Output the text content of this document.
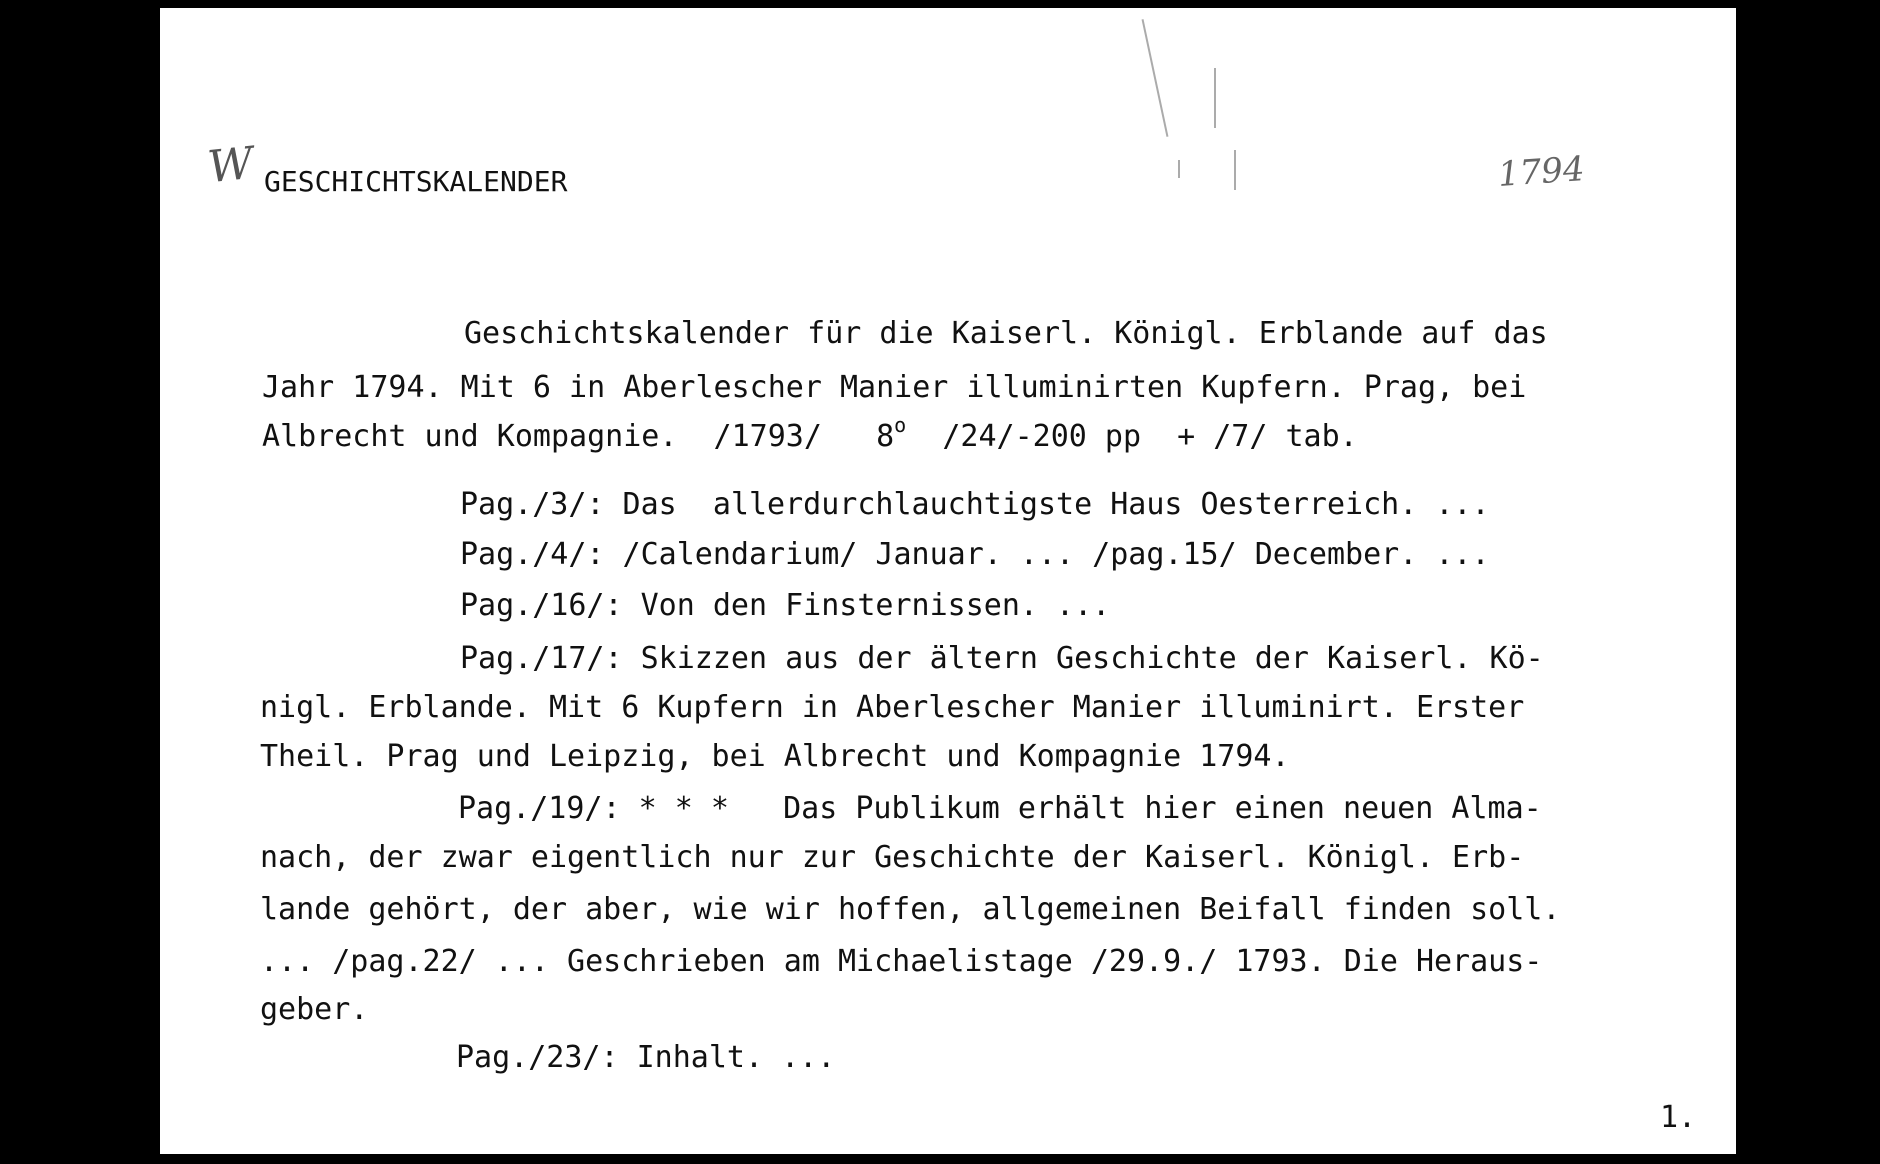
W	1794

GESCHICHTSKALENDER

Geschichtskalender für die Kaiserl. Königl. Erblande auf das

Jahr 1794. Mit 6 in Aberlescher Manier illuminirten Kupfern. Prag, bei

Albrecht und Kompagnie.  /1793/   8$^o$  /24/-200 pp  + /7/ tab.

Pag./3/: Das  allerdurchlauchtigste Haus Oesterreich. ...

Pag./4/: /Calendarium/ Januar. ... /pag.15/ December. ...

Pag./16/: Von den Finsternissen. ...

Pag./17/: Skizzen aus der ältern Geschichte der Kaiserl. Kö-

nigl. Erblande. Mit 6 Kupfern in Aberlescher Manier illuminirt. Erster

Theil. Prag und Leipzig, bei Albrecht und Kompagnie 1794.

Pag./19/: * * *   Das Publikum erhält hier einen neuen Alma-

nach, der zwar eigentlich nur zur Geschichte der Kaiserl. Königl. Erb-

lande gehört, der aber, wie wir hoffen, allgemeinen Beifall finden soll.

... /pag.22/ ... Geschrieben am Michaelistage /29.9./ 1793. Die Heraus-

geber.

Pag./23/: Inhalt. ...

1.
